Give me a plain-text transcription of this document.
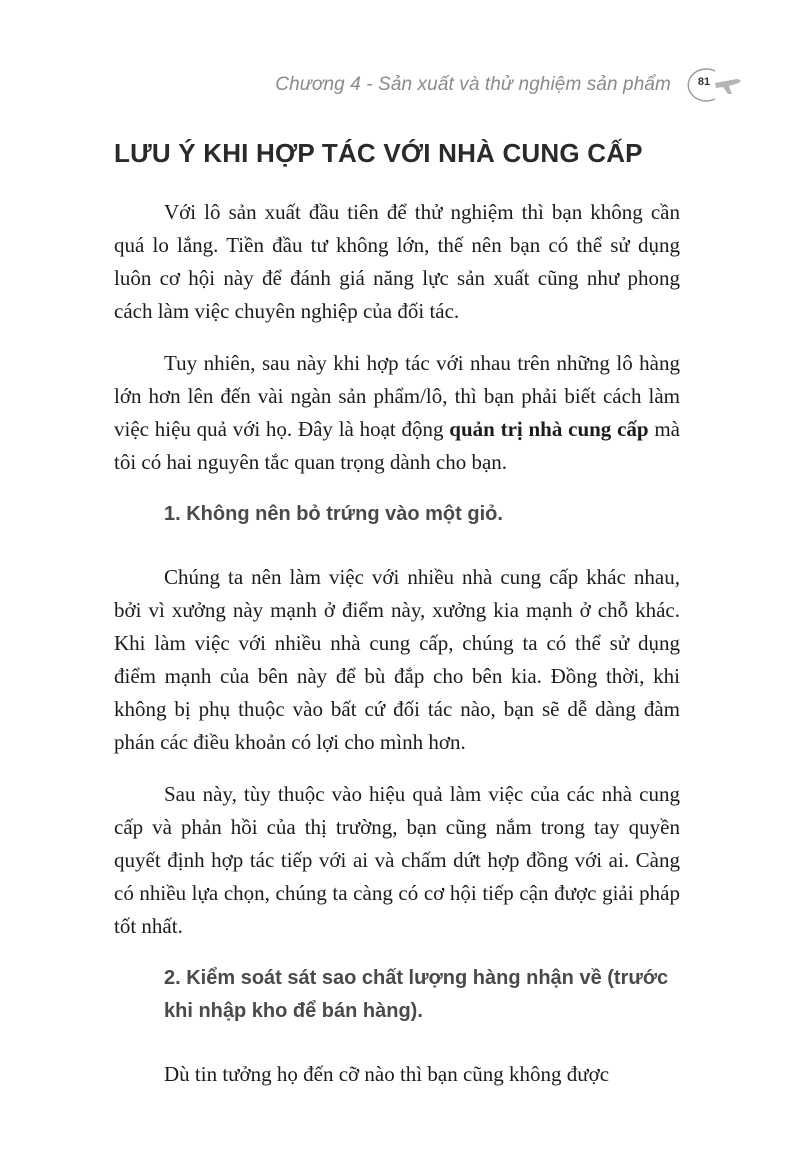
Chương 4 - Sản xuất và thử nghiệm sản phẩm	81
LƯU Ý KHI HỢP TÁC VỚI NHÀ CUNG CẤP

Với lô sản xuất đầu tiên để thử nghiệm thì bạn không cần quá lo lắng. Tiền đầu tư không lớn, thế nên bạn có thể sử dụng luôn cơ hội này để đánh giá năng lực sản xuất cũng như phong cách làm việc chuyên nghiệp của đối tác.

Tuy nhiên, sau này khi hợp tác với nhau trên những lô hàng lớn hơn lên đến vài ngàn sản phẩm/lô, thì bạn phải biết cách làm việc hiệu quả với họ. Đây là hoạt động quản trị nhà cung cấp mà tôi có hai nguyên tắc quan trọng dành cho bạn.

1. Không nên bỏ trứng vào một giỏ.

Chúng ta nên làm việc với nhiều nhà cung cấp khác nhau, bởi vì xưởng này mạnh ở điểm này, xưởng kia mạnh ở chỗ khác. Khi làm việc với nhiều nhà cung cấp, chúng ta có thể sử dụng điểm mạnh của bên này để bù đắp cho bên kia. Đồng thời, khi không bị phụ thuộc vào bất cứ đối tác nào, bạn sẽ dễ dàng đàm phán các điều khoản có lợi cho mình hơn.

Sau này, tùy thuộc vào hiệu quả làm việc của các nhà cung cấp và phản hồi của thị trường, bạn cũng nắm trong tay quyền quyết định hợp tác tiếp với ai và chấm dứt hợp đồng với ai. Càng có nhiều lựa chọn, chúng ta càng có cơ hội tiếp cận được giải pháp tốt nhất.

2. Kiểm soát sát sao chất lượng hàng nhận về (trước khi nhập kho để bán hàng).

Dù tin tưởng họ đến cỡ nào thì bạn cũng không được
